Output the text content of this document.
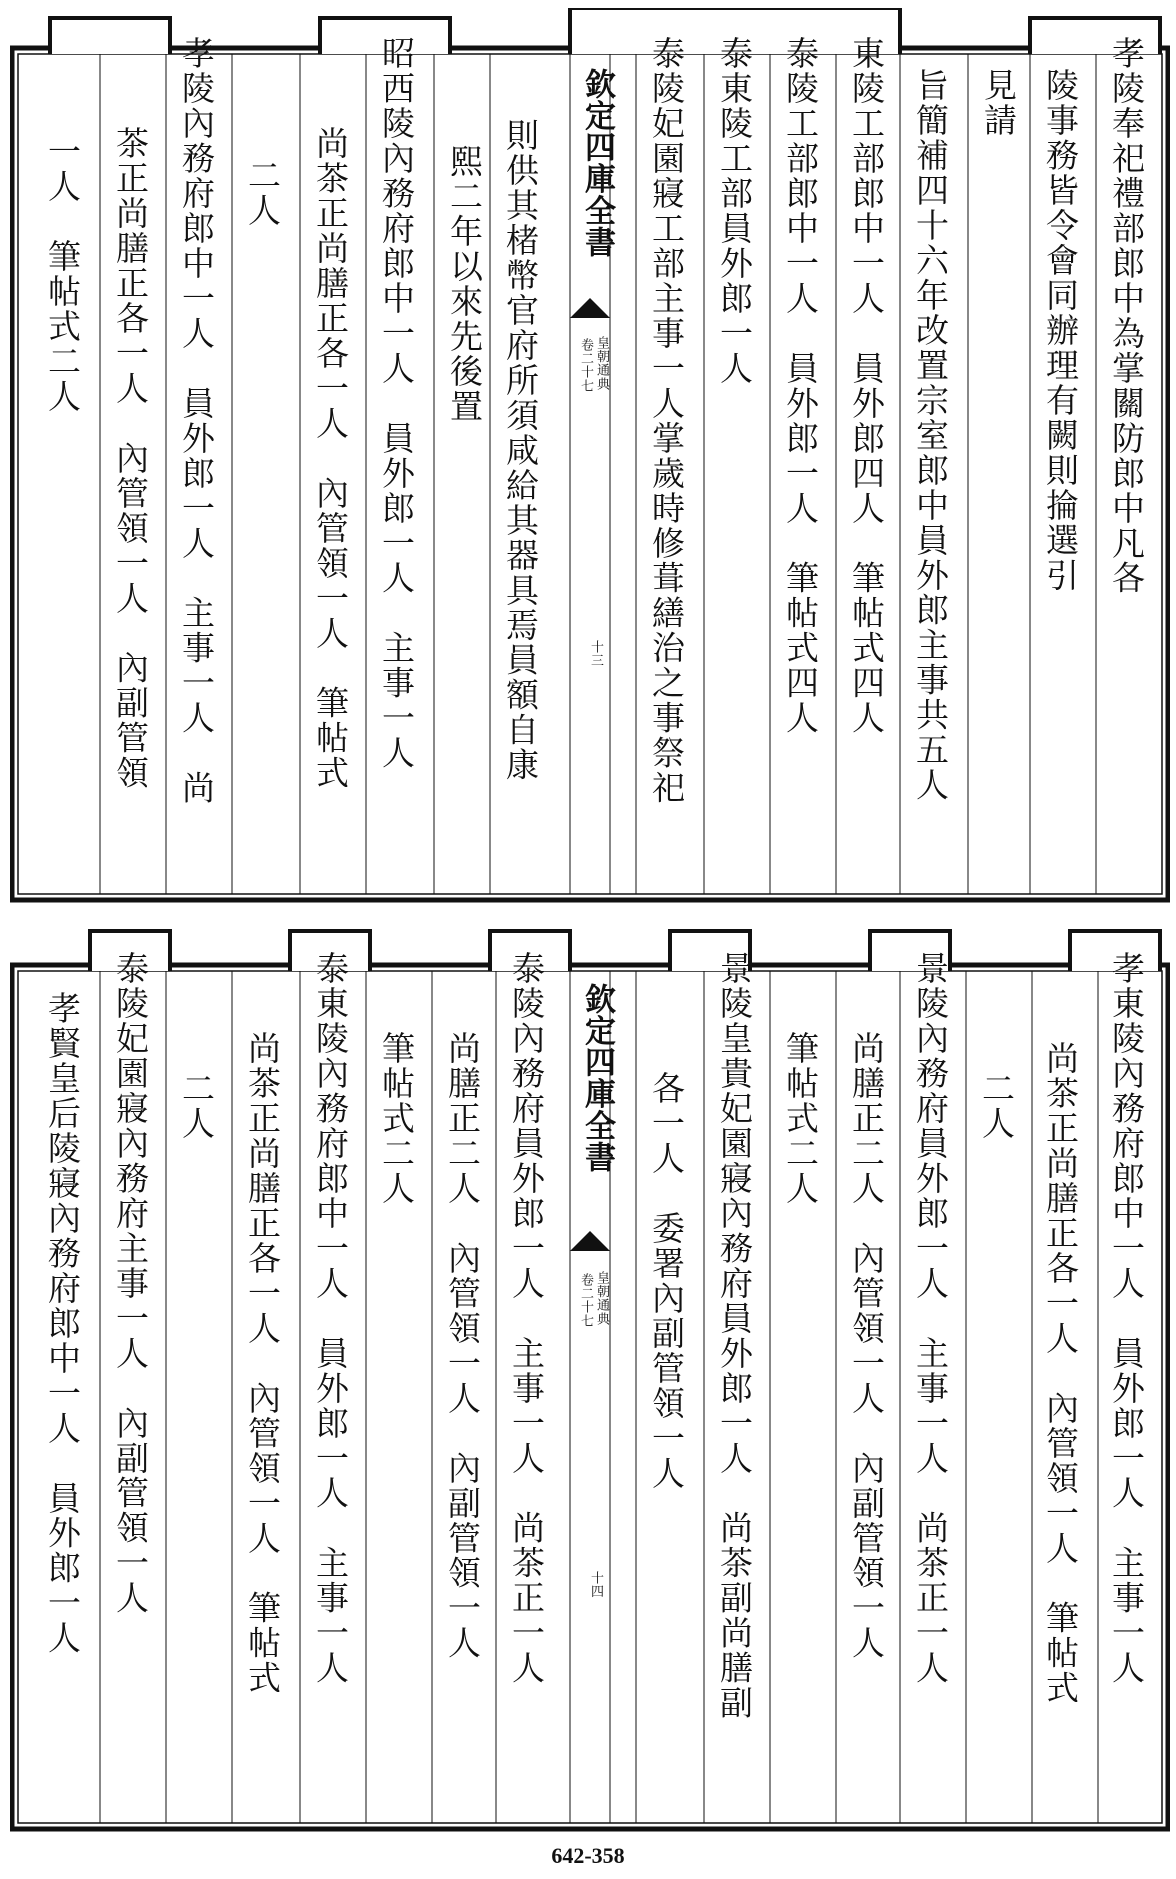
孝陵奉祀禮部郎中為掌關防郎中凡各
陵事務皆令會同辦理有闕則掄選引
見請
旨簡補四十六年改置宗室郎中員外郎主事共五人
東陵工部郎中一人　員外郎四人　筆帖式四人
泰陵工部郎中一人　員外郎一人　筆帖式四人
泰東陵工部員外郎一人
泰陵妃園寢工部主事一人掌歲時修葺繕治之事祭祀
欽定四庫全書
皇朝通典
卷二十七
十三
則供其楮幣官府所須咸給其器具焉員額自康
熙二年以來先後置
昭西陵內務府郎中一人　員外郎一人　主事一人
尚茶正尚膳正各一人　內管領一人　筆帖式
二人
孝陵內務府郎中一人　員外郎一人　主事一人　尚
茶正尚膳正各一人　內管領一人　內副管領
一人　筆帖式二人
孝東陵內務府郎中一人　員外郎一人　主事一人
尚茶正尚膳正各一人　內管領一人　筆帖式
二人
景陵內務府員外郎一人　主事一人　尚茶正一人
尚膳正二人　內管領一人　內副管領一人
筆帖式二人
景陵皇貴妃園寢內務府員外郎一人　尚茶副尚膳副
各一人　委署內副管領一人
欽定四庫全書
皇朝通典
卷二十七
十四
泰陵內務府員外郎一人　主事一人　尚茶正一人
尚膳正二人　內管領一人　內副管領一人
筆帖式二人
泰東陵內務府郎中一人　員外郎一人　主事一人
尚茶正尚膳正各一人　內管領一人　筆帖式
二人
泰陵妃園寢內務府主事一人　內副管領一人
孝賢皇后陵寢內務府郎中一人　員外郎一人
642-358
